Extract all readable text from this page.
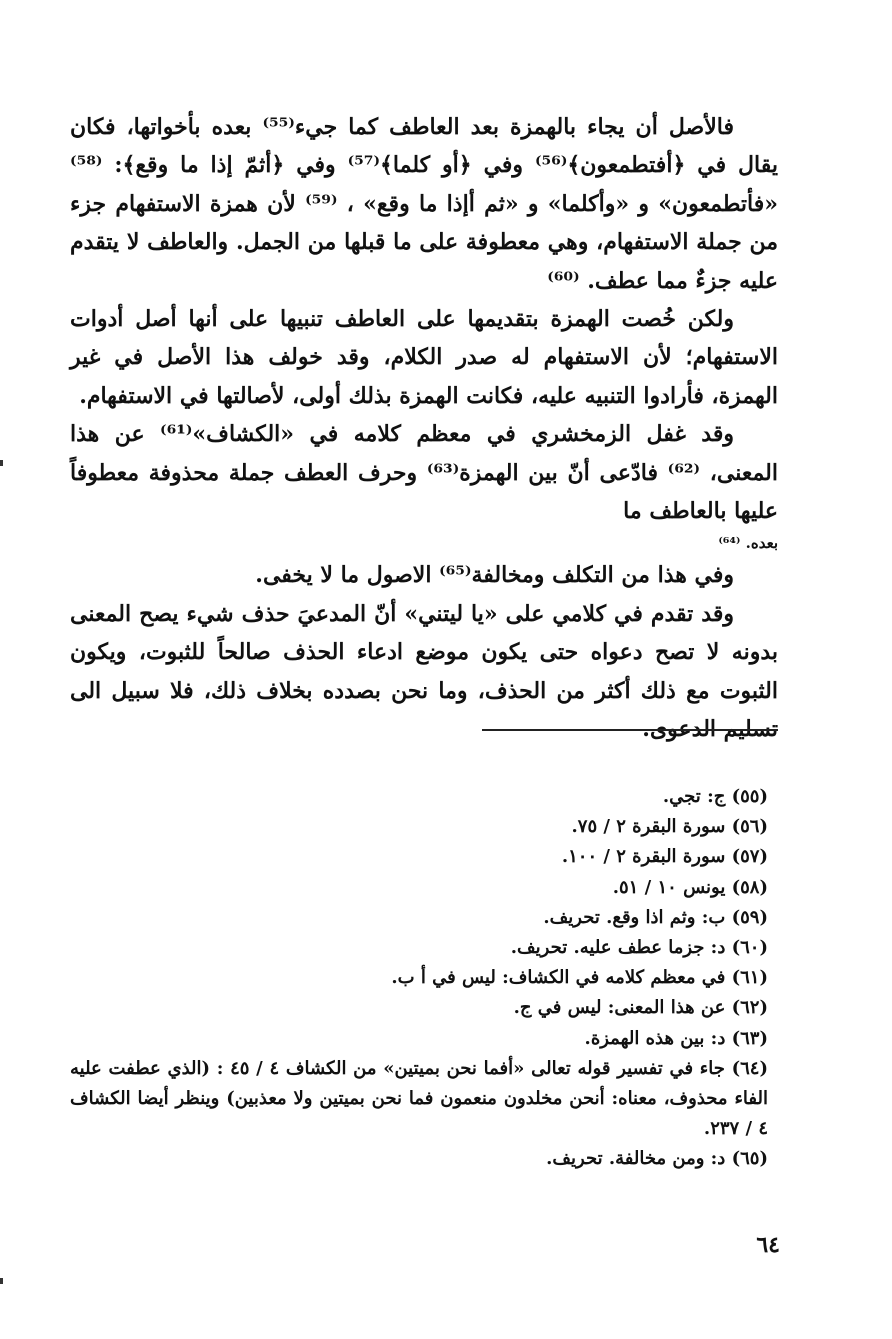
فالأصل أن يجاء بالهمزة بعد العاطف كما جيء⁽⁵⁵⁾ بعده بأخواتها، فكان يقال في ﴿أفتطمعون﴾⁽⁵⁶⁾ وفي ﴿أو كلما﴾⁽⁵⁷⁾ وفي ﴿أثمّ إذا ما وقع﴾: ⁽⁵⁸⁾ «فأتطمعون» و «وأكلما» و «ثم أإذا ما وقع» ، ⁽⁵⁹⁾ لأن همزة الاستفهام جزء من جملة الاستفهام، وهي معطوفة على ما قبلها من الجمل. والعاطف لا يتقدم عليه جزءٌ مما عطف. ⁽⁶⁰⁾

ولكن خُصت الهمزة بتقديمها على العاطف تنبيها على أنها أصل أدوات الاستفهام؛ لأن الاستفهام له صدر الكلام، وقد خولف هذا الأصل في غير الهمزة، فأرادوا التنبيه عليه، فكانت الهمزة بذلك أولى، لأصالتها في الاستفهام.

وقد غفل الزمخشري في معظم كلامه في «الكشاف»⁽⁶¹⁾ عن هذا المعنى، ⁽⁶²⁾ فادّعى أنّ بين الهمزة⁽⁶³⁾ وحرف العطف جملة محذوفة معطوفاً عليها بالعاطف ما

بعده. ⁽⁶⁴⁾

وفي هذا من التكلف ومخالفة⁽⁶⁵⁾ الاصول ما لا يخفى.

وقد تقدم في كلامي على «يا ليتني» أنّ المدعيَ حذف شيء يصح المعنى بدونه لا تصح دعواه حتى يكون موضع ادعاء الحذف صالحاً للثبوت، ويكون الثبوت مع ذلك أكثر من الحذف، وما نحن بصدده بخلاف ذلك، فلا سبيل الى تسليم الدعوى.

(٥٥) ج: تجي.

(٥٦) سورة البقرة ٢ / ٧٥.

(٥٧) سورة البقرة ٢ / ١٠٠.

(٥٨) يونس ١٠ / ٥١.

(٥٩) ب: وثم اذا وقع. تحريف.

(٦٠) د: جزما عطف عليه. تحريف.

(٦١) في معظم كلامه في الكشاف: ليس في أ ب.

(٦٢) عن هذا المعنى: ليس في ج.

(٦٣) د: بين هذه الهمزة.

(٦٤) جاء في تفسير قوله تعالى «أفما نحن بميتين» من الكشاف ٤ / ٤٥ : (الذي عطفت عليه الفاء محذوف، معناه: أنحن مخلدون منعمون فما نحن بميتين ولا معذبين) وينظر أيضا الكشاف ٤ / ٢٣٧.

(٦٥) د: ومن مخالفة. تحريف.

٦٤
